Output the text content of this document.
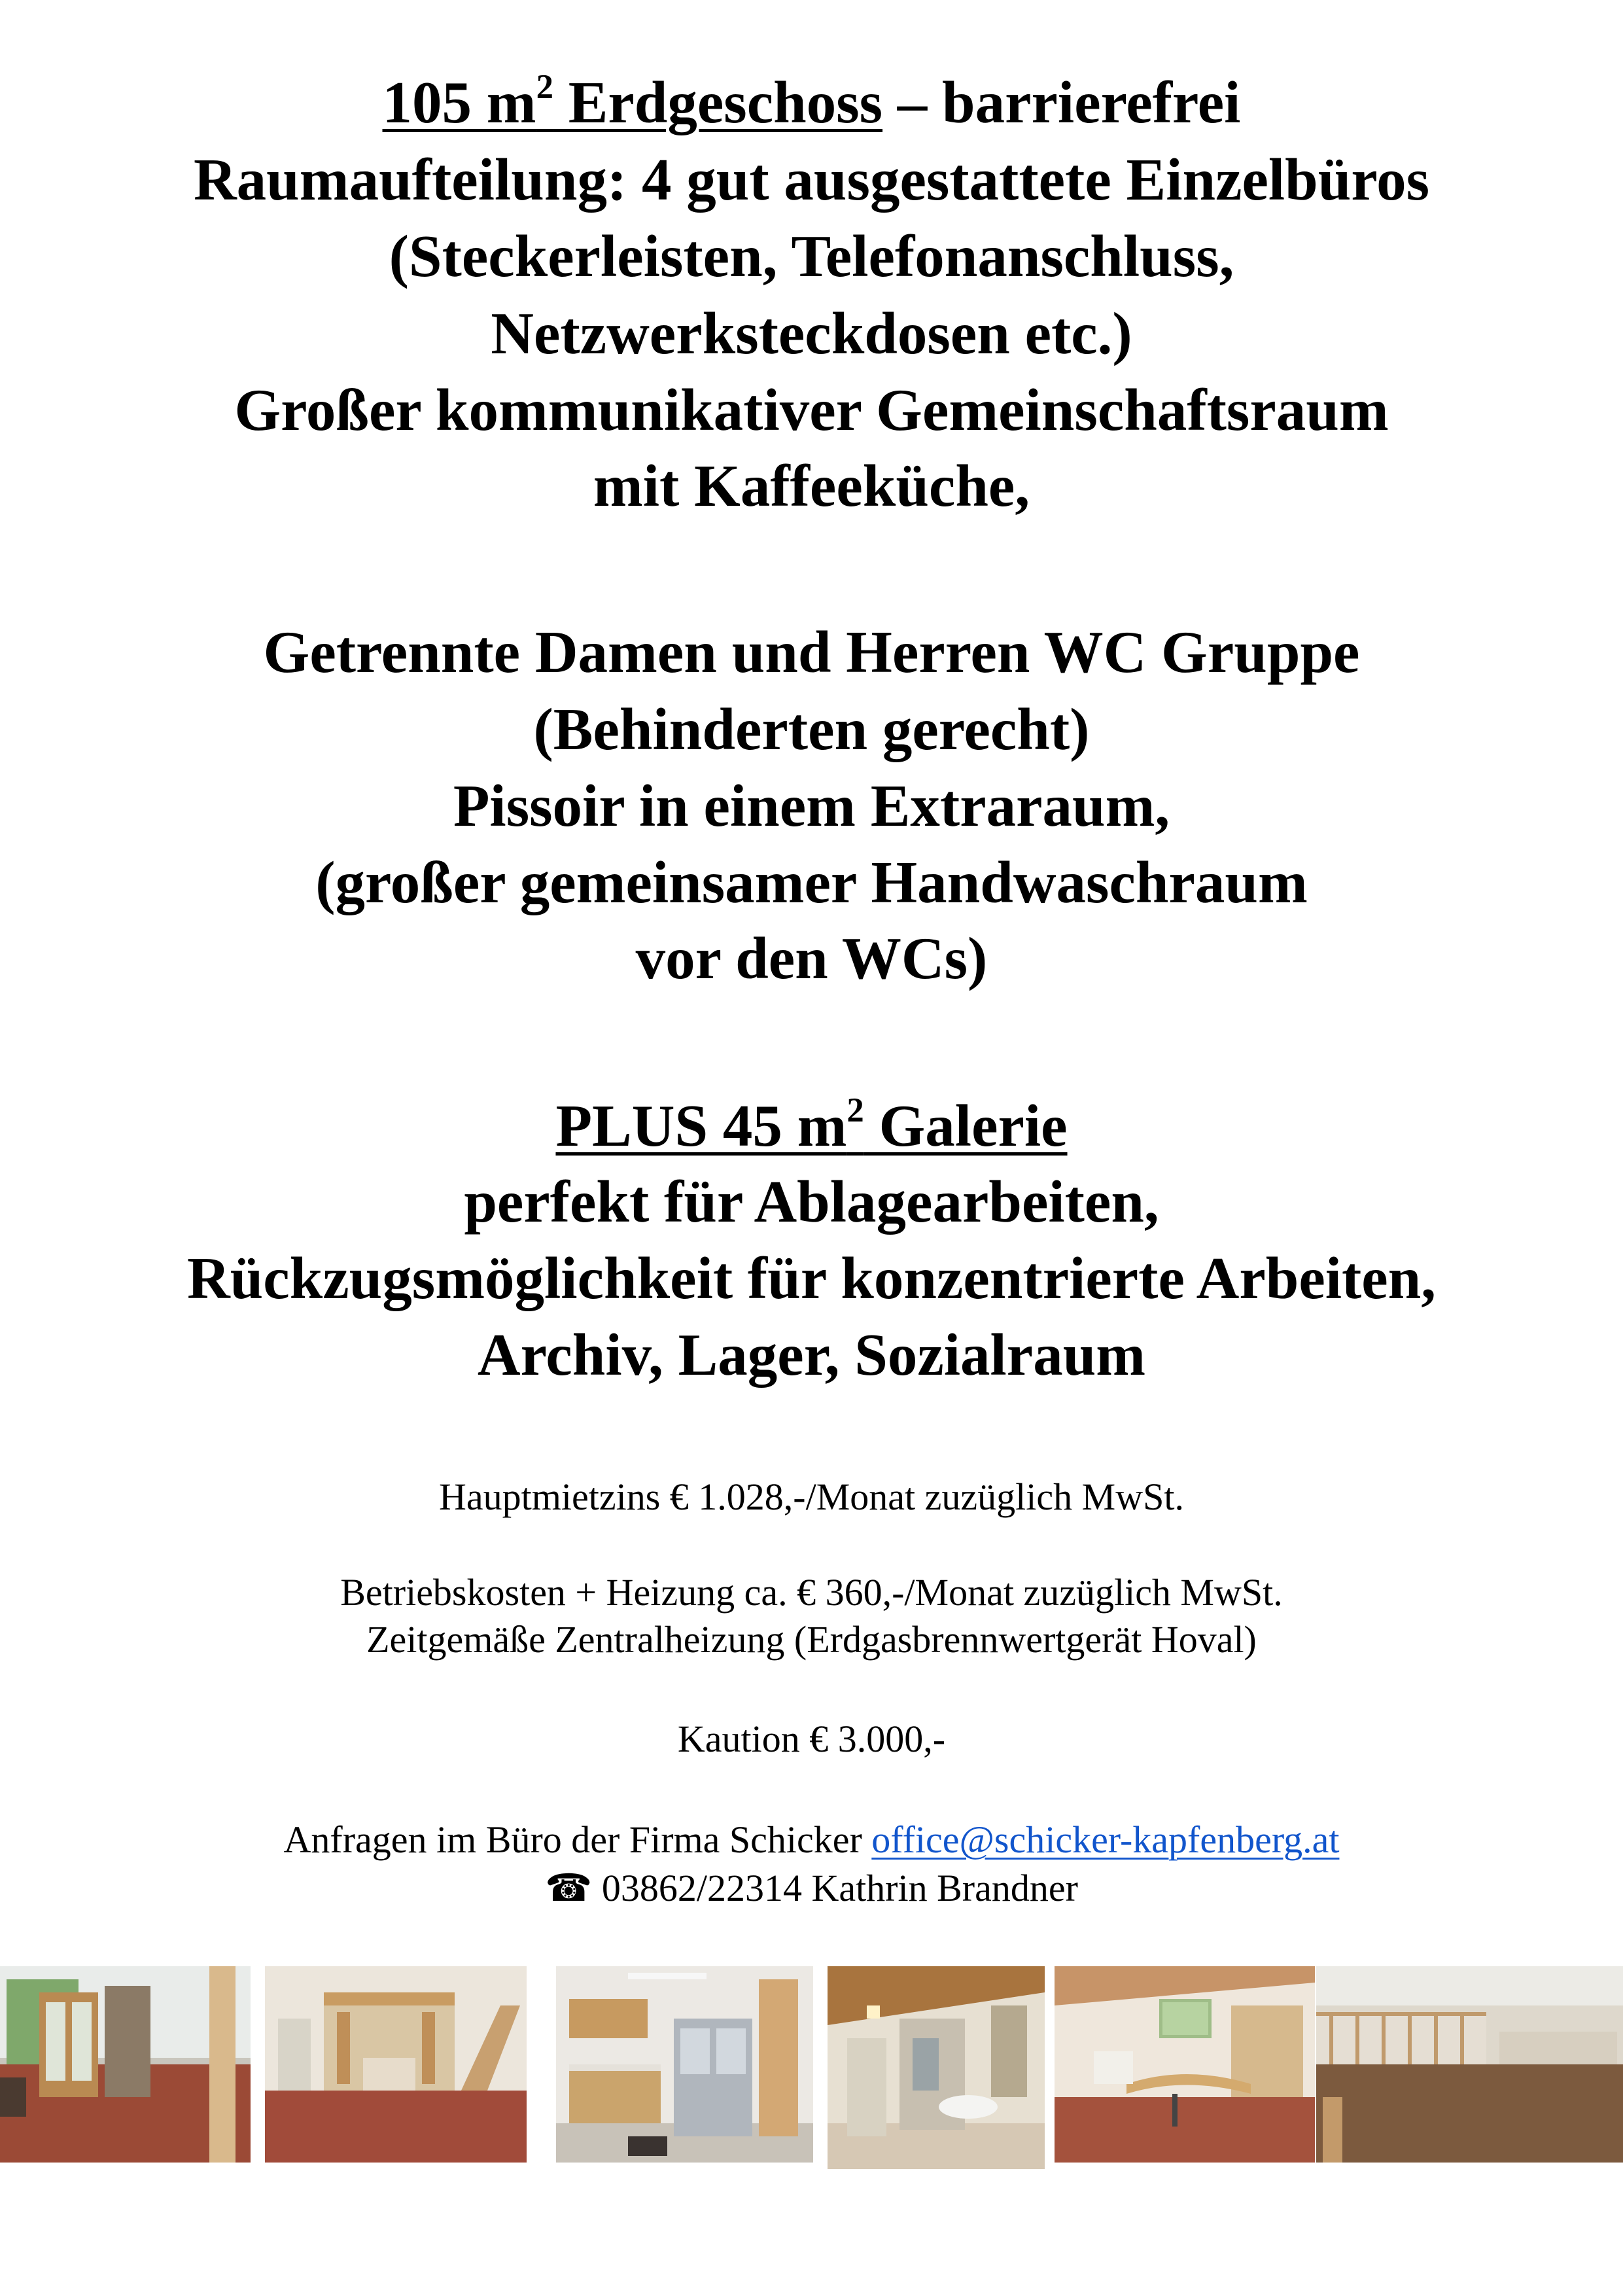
105 $m^2$ Erdgeschoss – barrierefrei
Raumaufteilung: 4 gut ausgestattete Einzelbüros
(Steckerleisten, Telefonanschluss,
Netzwerksteckdosen etc.)
Großer kommunikativer Gemeinschaftsraum
mit Kaffeeküche,
Getrennte Damen und Herren WC Gruppe
(Behinderten gerecht)
Pissoir in einem Extraraum,
(großer gemeinsamer Handwaschraum
vor den WCs)
PLUS 45 $m^2$ Galerie
perfekt für Ablagearbeiten,
Rückzugsmöglichkeit für konzentrierte Arbeiten,
Archiv, Lager, Sozialraum
Hauptmietzins € 1.028,-/Monat zuzüglich MwSt.
Betriebskosten + Heizung ca. € 360,-/Monat zuzüglich MwSt.
Zeitgemäße Zentralheizung (Erdgasbrennwertgerät Hoval)
Kaution € 3.000,-
Anfragen im Büro der Firma Schicker office@schicker-kapfenberg.at
☎ 03862/22314 Kathrin Brandner
